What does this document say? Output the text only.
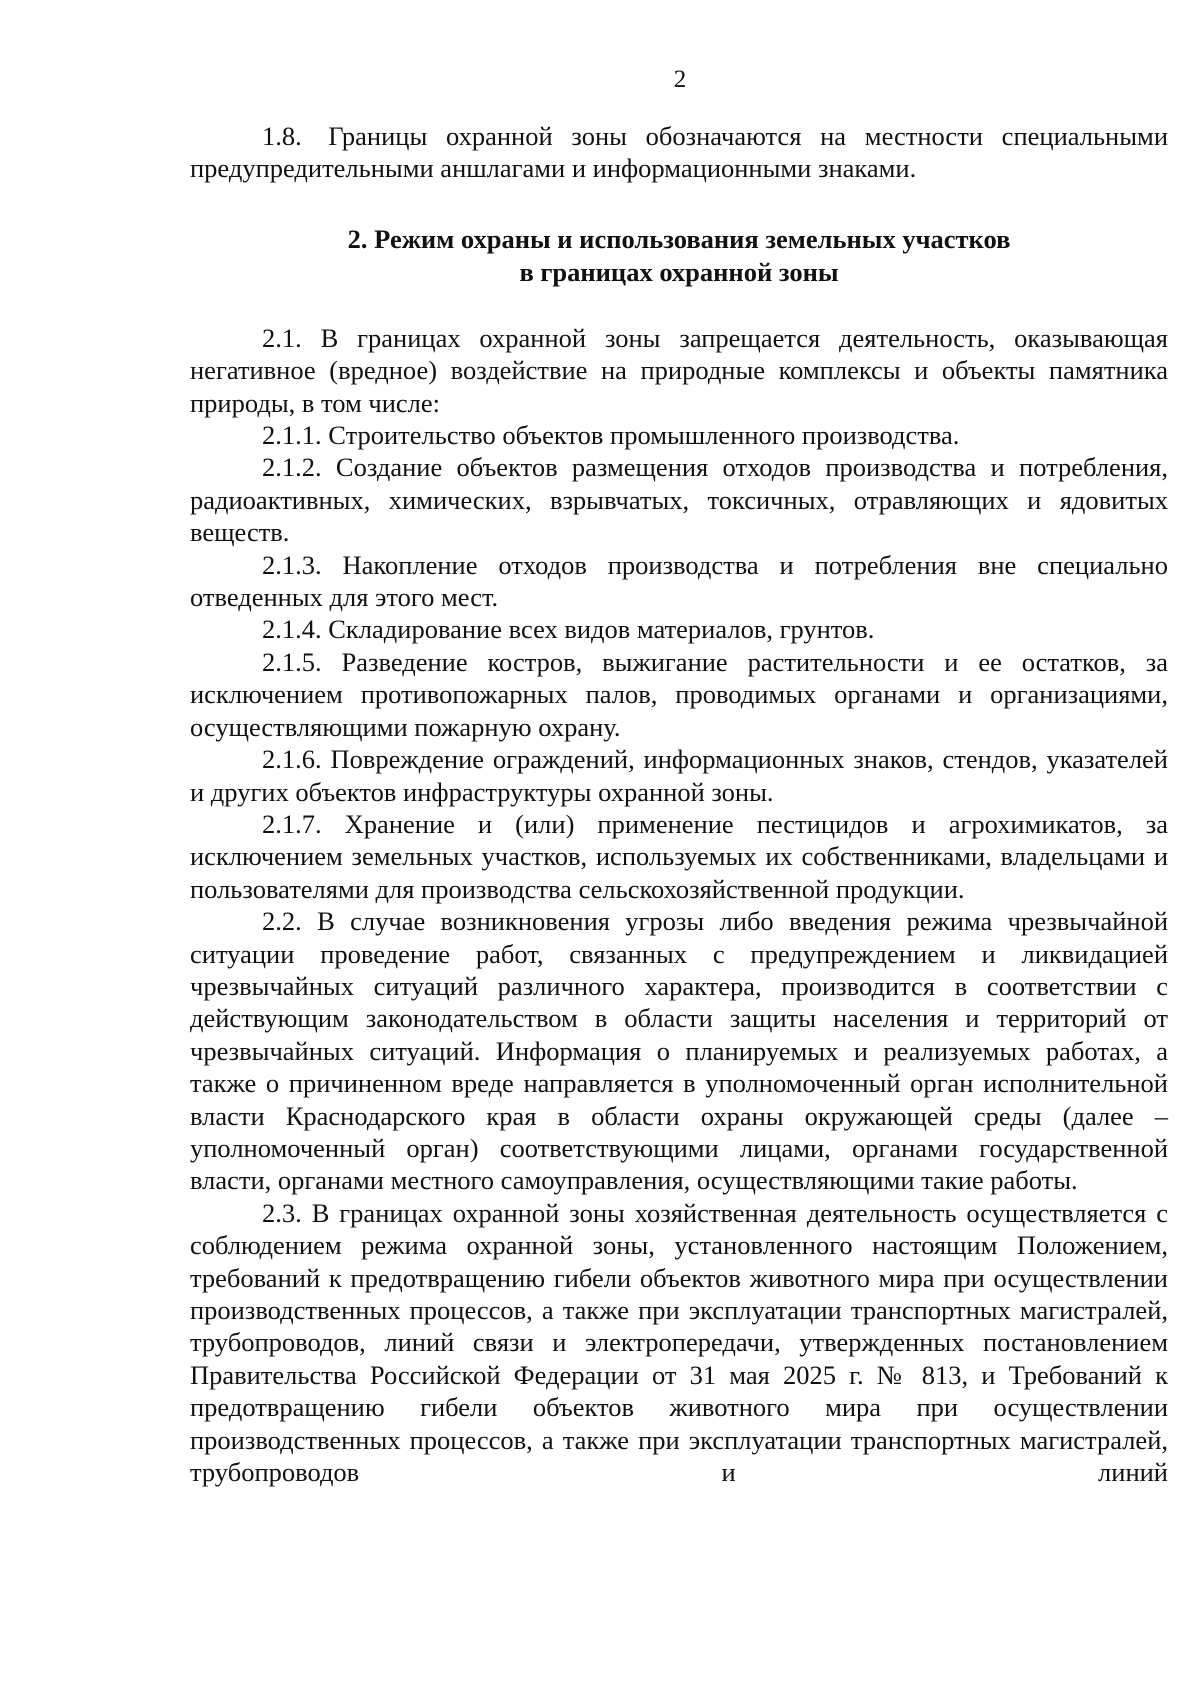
2

1.8. Границы охранной зоны обозначаются на местности специальными предупредительными аншлагами и информационными знаками.

2. Режим охраны и использования земельных участков
в границах охранной зоны

2.1. В границах охранной зоны запрещается деятельность, оказывающая негативное (вредное) воздействие на природные комплексы и объекты памятника природы, в том числе:

2.1.1. Строительство объектов промышленного производства.

2.1.2. Создание объектов размещения отходов производства и потребления, радиоактивных, химических, взрывчатых, токсичных, отравляющих и ядовитых веществ.

2.1.3. Накопление отходов производства и потребления вне специально отведенных для этого мест.

2.1.4. Складирование всех видов материалов, грунтов.

2.1.5. Разведение костров, выжигание растительности и ее остатков, за исключением противопожарных палов, проводимых органами и организациями, осуществляющими пожарную охрану.

2.1.6. Повреждение ограждений, информационных знаков, стендов, указателей и других объектов инфраструктуры охранной зоны.

2.1.7. Хранение и (или) применение пестицидов и агрохимикатов, за исключением земельных участков, используемых их собственниками, владельцами и пользователями для производства сельскохозяйственной продукции.

2.2. В случае возникновения угрозы либо введения режима чрезвычайной ситуации проведение работ, связанных с предупреждением и ликвидацией чрезвычайных ситуаций различного характера, производится в соответствии с действующим законодательством в области защиты населения и территорий от чрезвычайных ситуаций. Информация о планируемых и реализуемых работах, а также о причиненном вреде направляется в уполномоченный орган исполнительной власти Краснодарского края в области охраны окружающей среды (далее – уполномоченный орган) соответствующими лицами, органами государственной власти, органами местного самоуправления, осуществляющими такие работы.

2.3. В границах охранной зоны хозяйственная деятельность осуществляется с соблюдением режима охранной зоны, установленного настоящим Положением, требований к предотвращению гибели объектов животного мира при осуществлении производственных процессов, а также при эксплуатации транспортных магистралей, трубопроводов, линий связи и электропередачи, утвержденных постановлением Правительства Российской Федерации от 31 мая 2025 г. № 813, и Требований к предотвращению гибели объектов животного мира при осуществлении производственных процессов, а также при эксплуатации транспортных магистралей, трубопроводов и линий
